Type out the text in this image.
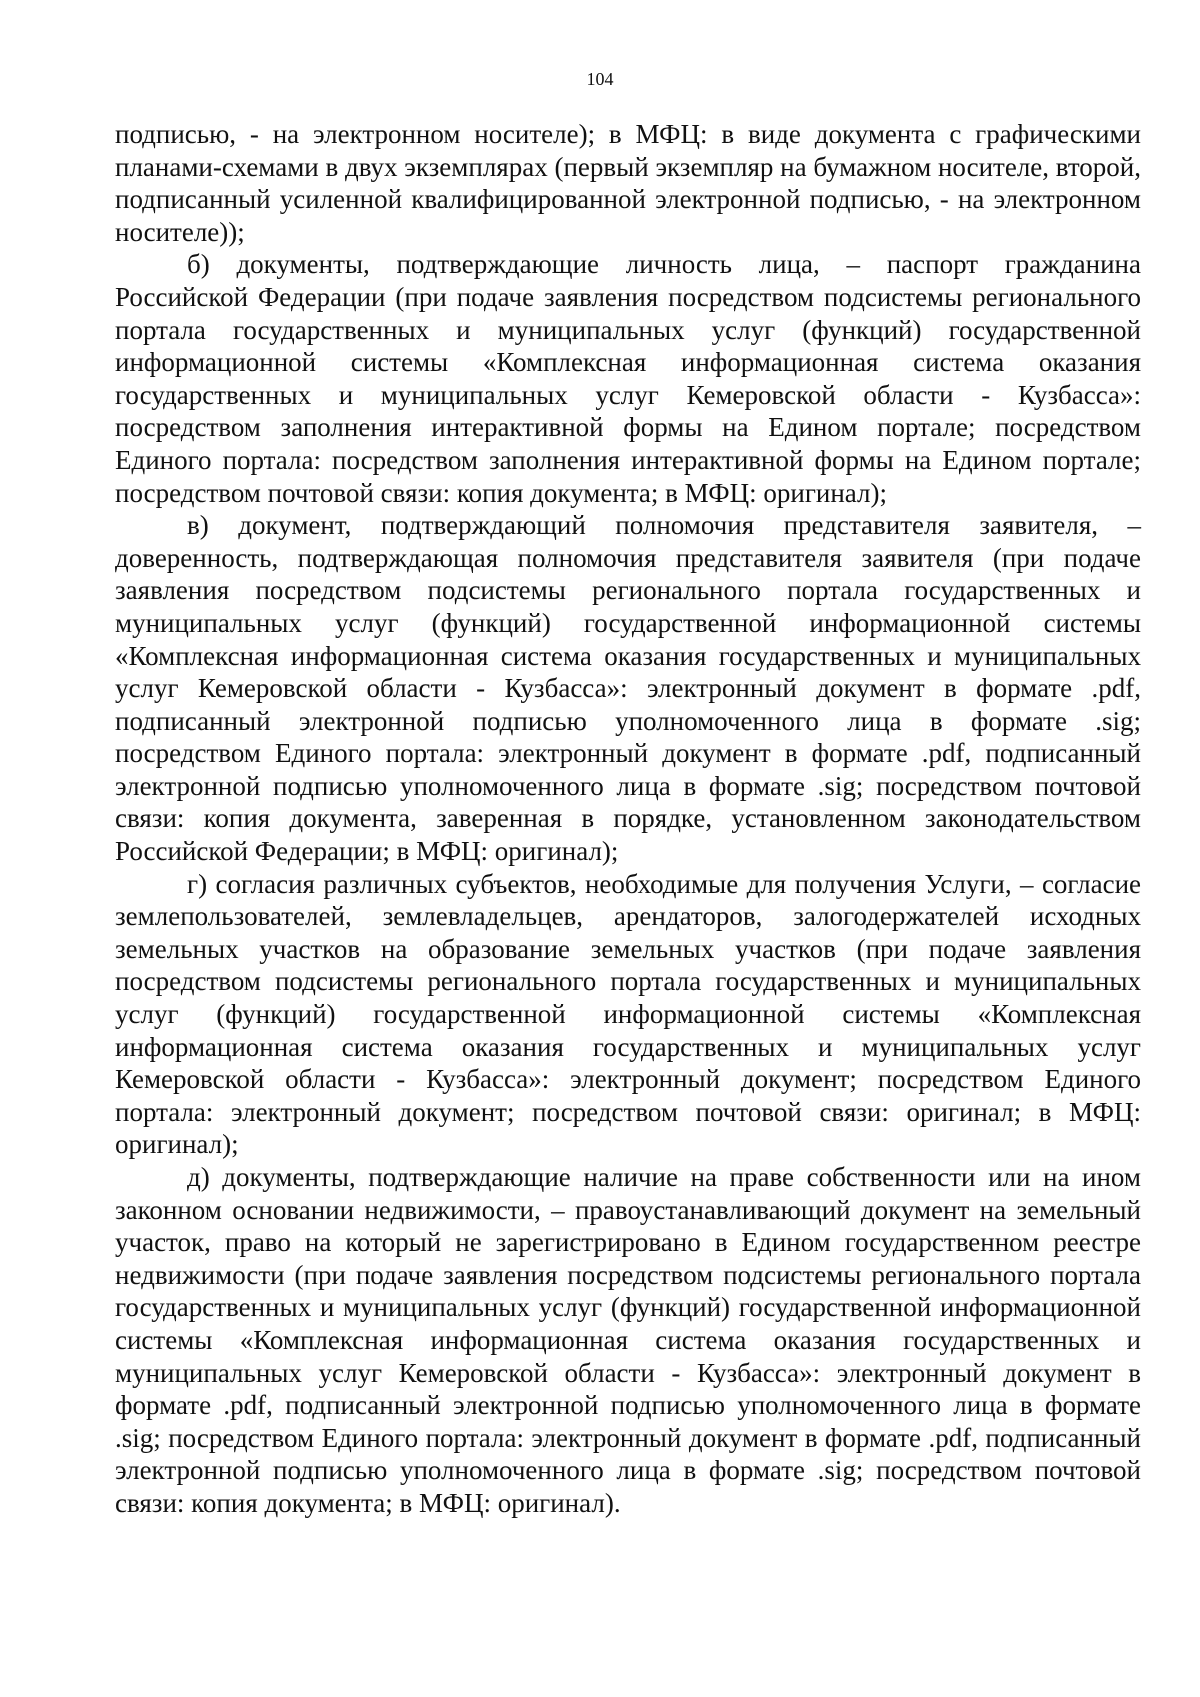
104

подписью, - на электронном носителе); в МФЦ: в виде документа с графическими планами-схемами в двух экземплярах (первый экземпляр на бумажном носителе, второй, подписанный усиленной квалифицированной электронной подписью, - на электронном носителе));

б) документы, подтверждающие личность лица, – паспорт гражданина Российской Федерации (при подаче заявления посредством подсистемы регионального портала государственных и муниципальных услуг (функций) государственной информационной системы «Комплексная информационная система оказания государственных и муниципальных услуг Кемеровской области - Кузбасса»: посредством заполнения интерактивной формы на Едином портале; посредством Единого портала: посредством заполнения интерактивной формы на Едином портале; посредством почтовой связи: копия документа; в МФЦ: оригинал);

в) документ, подтверждающий полномочия представителя заявителя, – доверенность, подтверждающая полномочия представителя заявителя (при подаче заявления посредством подсистемы регионального портала государственных и муниципальных услуг (функций) государственной информационной системы «Комплексная информационная система оказания государственных и муниципальных услуг Кемеровской области - Кузбасса»: электронный документ в формате .pdf, подписанный электронной подписью уполномоченного лица в формате .sig; посредством Единого портала: электронный документ в формате .pdf, подписанный электронной подписью уполномоченного лица в формате .sig; посредством почтовой связи: копия документа, заверенная в порядке, установленном законодательством Российской Федерации; в МФЦ: оригинал);

г) согласия различных субъектов, необходимые для получения Услуги, – согласие землепользователей, землевладельцев, арендаторов, залогодержателей исходных земельных участков на образование земельных участков (при подаче заявления посредством подсистемы регионального портала государственных и муниципальных услуг (функций) государственной информационной системы «Комплексная информационная система оказания государственных и муниципальных услуг Кемеровской области - Кузбасса»: электронный документ; посредством Единого портала: электронный документ; посредством почтовой связи: оригинал; в МФЦ: оригинал);

д) документы, подтверждающие наличие на праве собственности или на ином законном основании недвижимости, – правоустанавливающий документ на земельный участок, право на который не зарегистрировано в Едином государственном реестре недвижимости (при подаче заявления посредством подсистемы регионального портала государственных и муниципальных услуг (функций) государственной информационной системы «Комплексная информационная система оказания государственных и муниципальных услуг Кемеровской области - Кузбасса»: электронный документ в формате .pdf, подписанный электронной подписью уполномоченного лица в формате .sig; посредством Единого портала: электронный документ в формате .pdf, подписанный электронной подписью уполномоченного лица в формате .sig; посредством почтовой связи: копия документа; в МФЦ: оригинал).
